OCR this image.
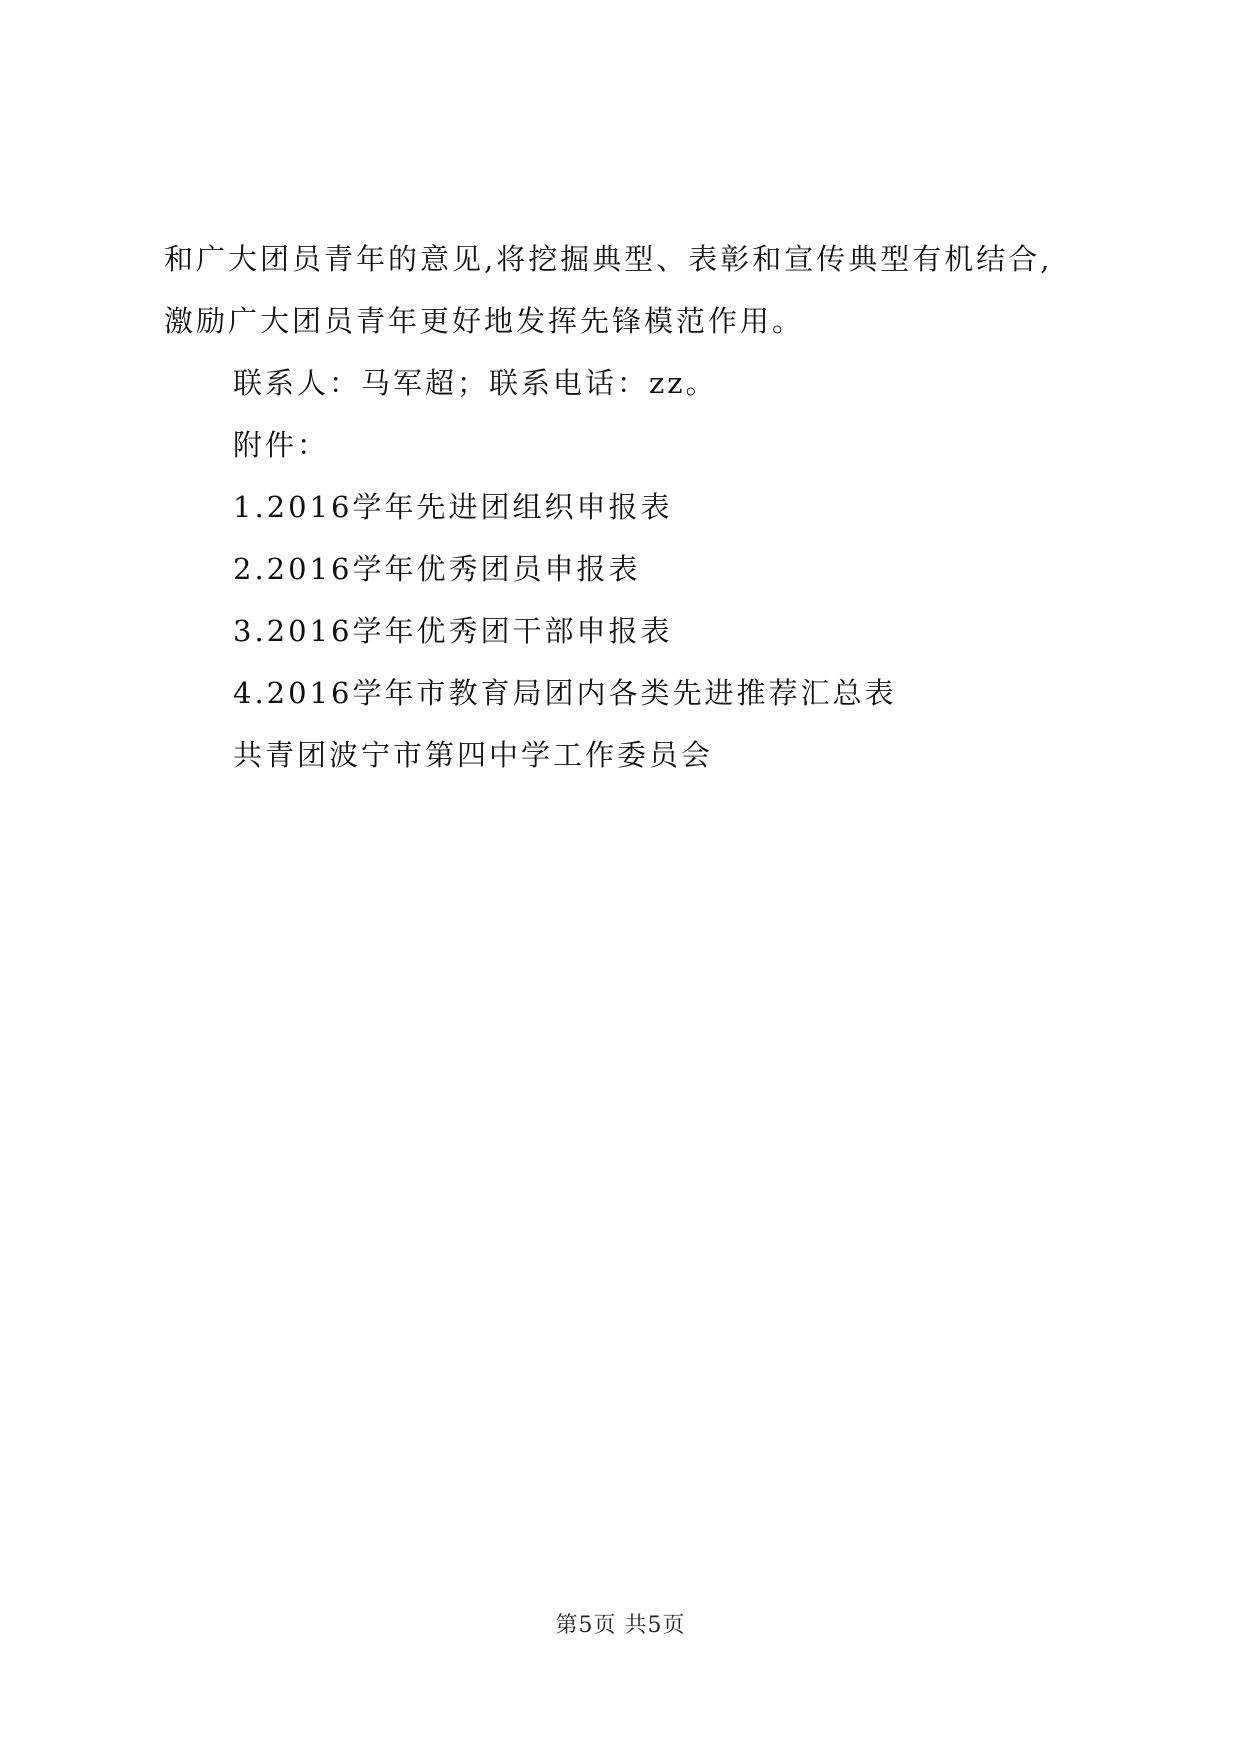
和广大团员青年的意见,将挖掘典型、表彰和宣传典型有机结合,

激励广大团员青年更好地发挥先锋模范作用。

联系人：马军超；联系电话：zz。

附件：

1.2016学年先进团组织申报表

2.2016学年优秀团员申报表

3.2016学年优秀团干部申报表

4.2016学年市教育局团内各类先进推荐汇总表

共青团波宁市第四中学工作委员会

第5页 共5页
